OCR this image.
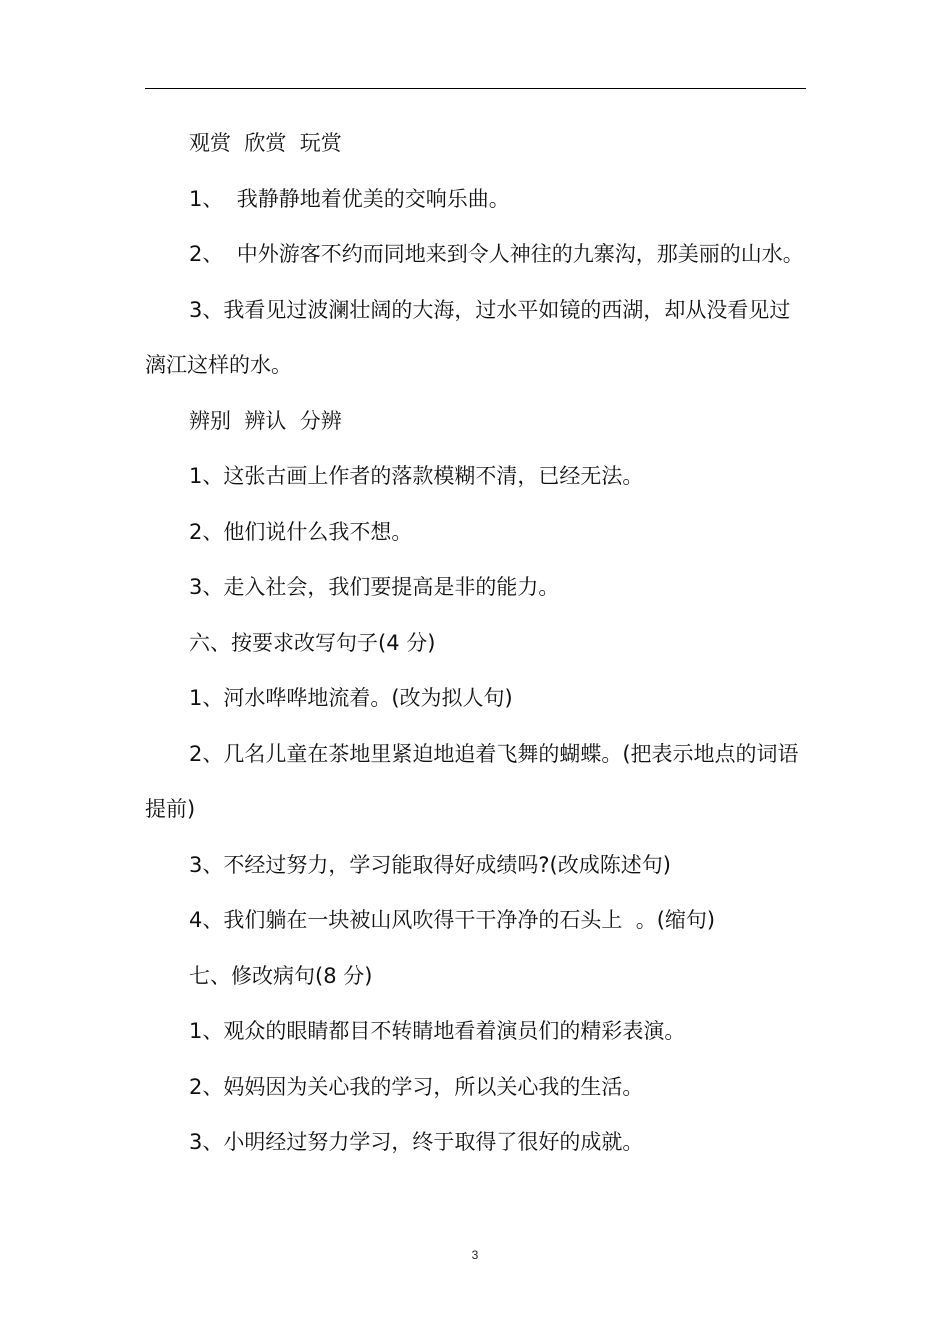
观赏  欣赏  玩赏

1、  我静静地着优美的交响乐曲。

2、  中外游客不约而同地来到令人神往的九寨沟，那美丽的山水。

3、我看见过波澜壮阔的大海，过水平如镜的西湖，却从没看见过漓江这样的水。

辨别  辨认  分辨

1、这张古画上作者的落款模糊不清，已经无法。

2、他们说什么我不想。

3、走入社会，我们要提高是非的能力。

六、按要求改写句子(4 分)

1、河水哗哗地流着。(改为拟人句)

2、几名儿童在茶地里紧迫地追着飞舞的蝴蝶。(把表示地点的词语提前)

3、不经过努力，学习能取得好成绩吗?(改成陈述句)

4、我们躺在一块被山风吹得干干净净的石头上  。(缩句)

七、修改病句(8 分)

1、观众的眼睛都目不转睛地看着演员们的精彩表演。

2、妈妈因为关心我的学习，所以关心我的生活。

3、小明经过努力学习，终于取得了很好的成就。

3
